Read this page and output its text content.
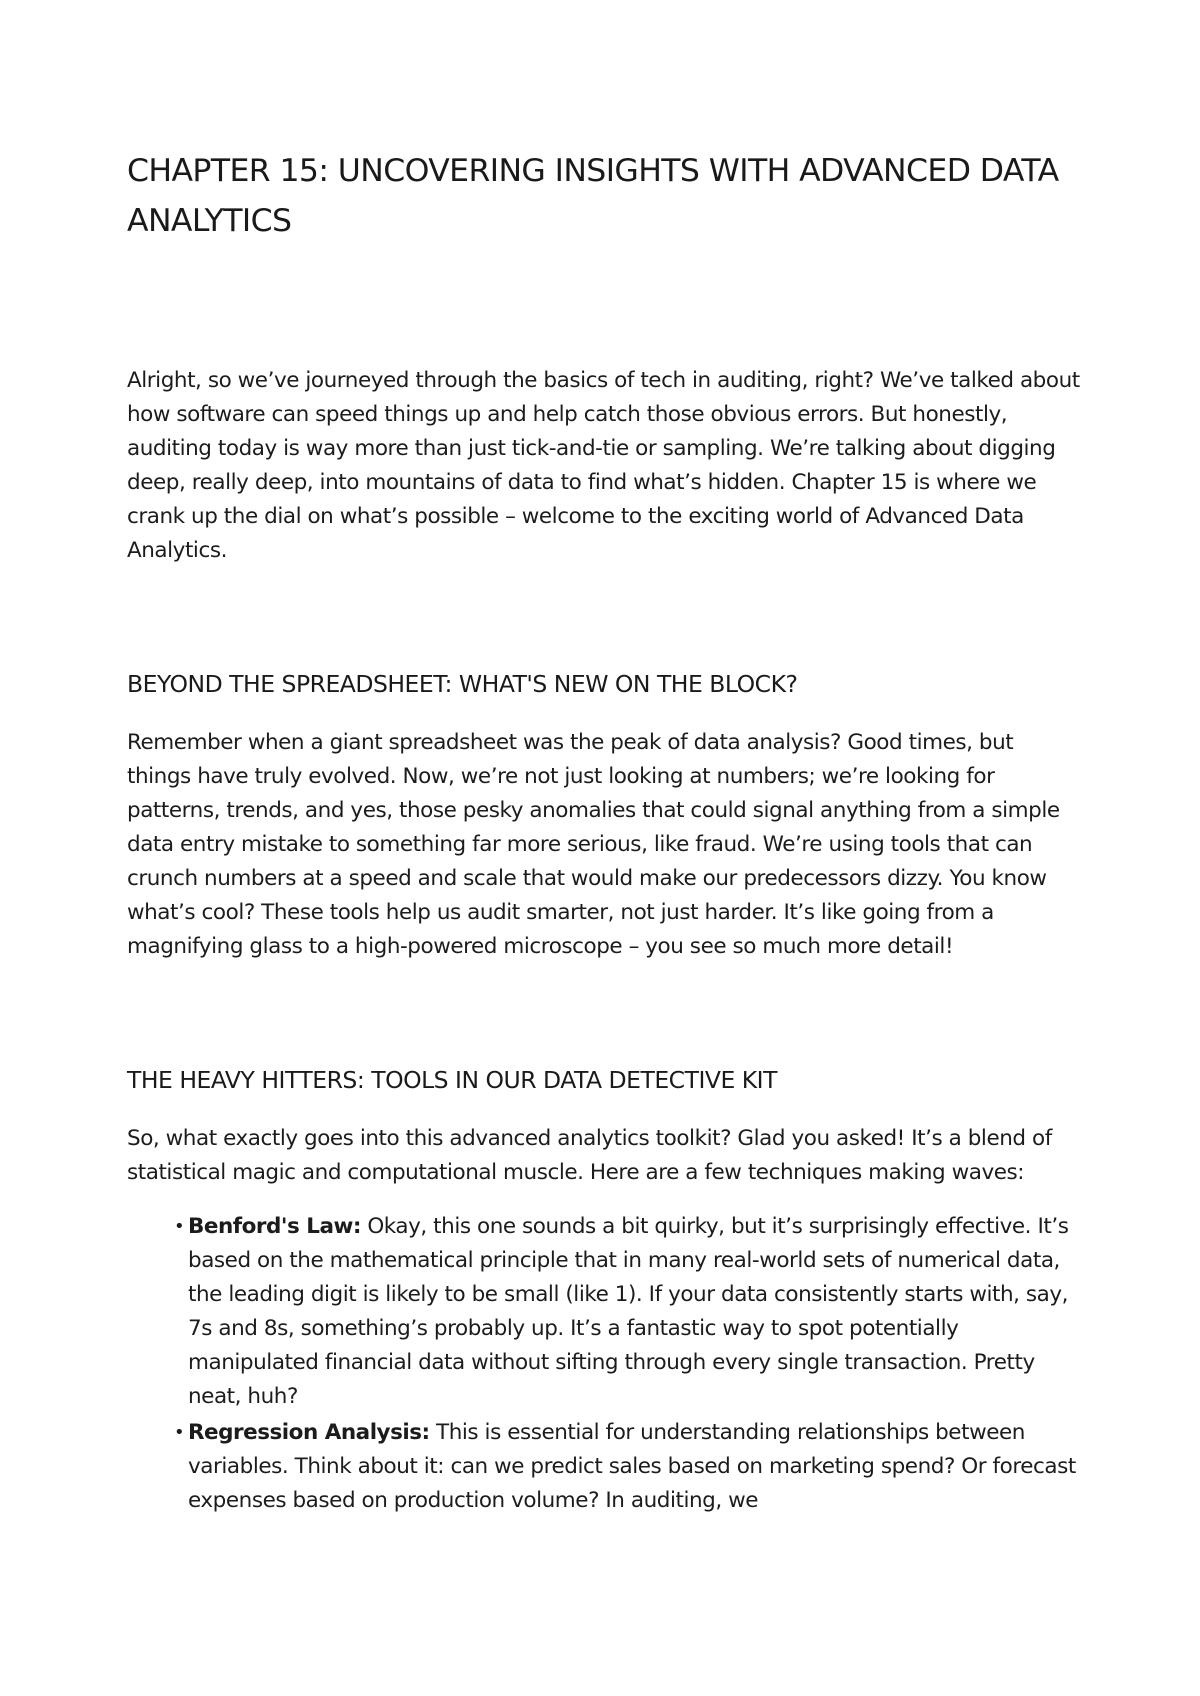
CHAPTER 15: UNCOVERING INSIGHTS WITH ADVANCED DATA ANALYTICS

Alright, so we’ve journeyed through the basics of tech in auditing, right? We’ve talked about how software can speed things up and help catch those obvious errors. But honestly, auditing today is way more than just tick-and-tie or sampling. We’re talking about digging deep, really deep, into mountains of data to find what’s hidden. Chapter 15 is where we crank up the dial on what’s possible – welcome to the exciting world of Advanced Data Analytics.

BEYOND THE SPREADSHEET: WHAT'S NEW ON THE BLOCK?

Remember when a giant spreadsheet was the peak of data analysis? Good times, but things have truly evolved. Now, we’re not just looking at numbers; we’re looking for patterns, trends, and yes, those pesky anomalies that could signal anything from a simple data entry mistake to something far more serious, like fraud. We’re using tools that can crunch numbers at a speed and scale that would make our predecessors dizzy. You know what’s cool? These tools help us audit smarter, not just harder. It’s like going from a magnifying glass to a high-powered microscope – you see so much more detail!

THE HEAVY HITTERS: TOOLS IN OUR DATA DETECTIVE KIT

So, what exactly goes into this advanced analytics toolkit? Glad you asked! It’s a blend of statistical magic and computational muscle. Here are a few techniques making waves:

• Benford's Law: Okay, this one sounds a bit quirky, but it’s surprisingly effective. It’s based on the mathematical principle that in many real-world sets of numerical data, the leading digit is likely to be small (like 1). If your data consistently starts with, say, 7s and 8s, something’s probably up. It’s a fantastic way to spot potentially manipulated financial data without sifting through every single transaction. Pretty neat, huh?
• Regression Analysis: This is essential for understanding relationships between variables. Think about it: can we predict sales based on marketing spend? Or forecast expenses based on production volume? In auditing, we
